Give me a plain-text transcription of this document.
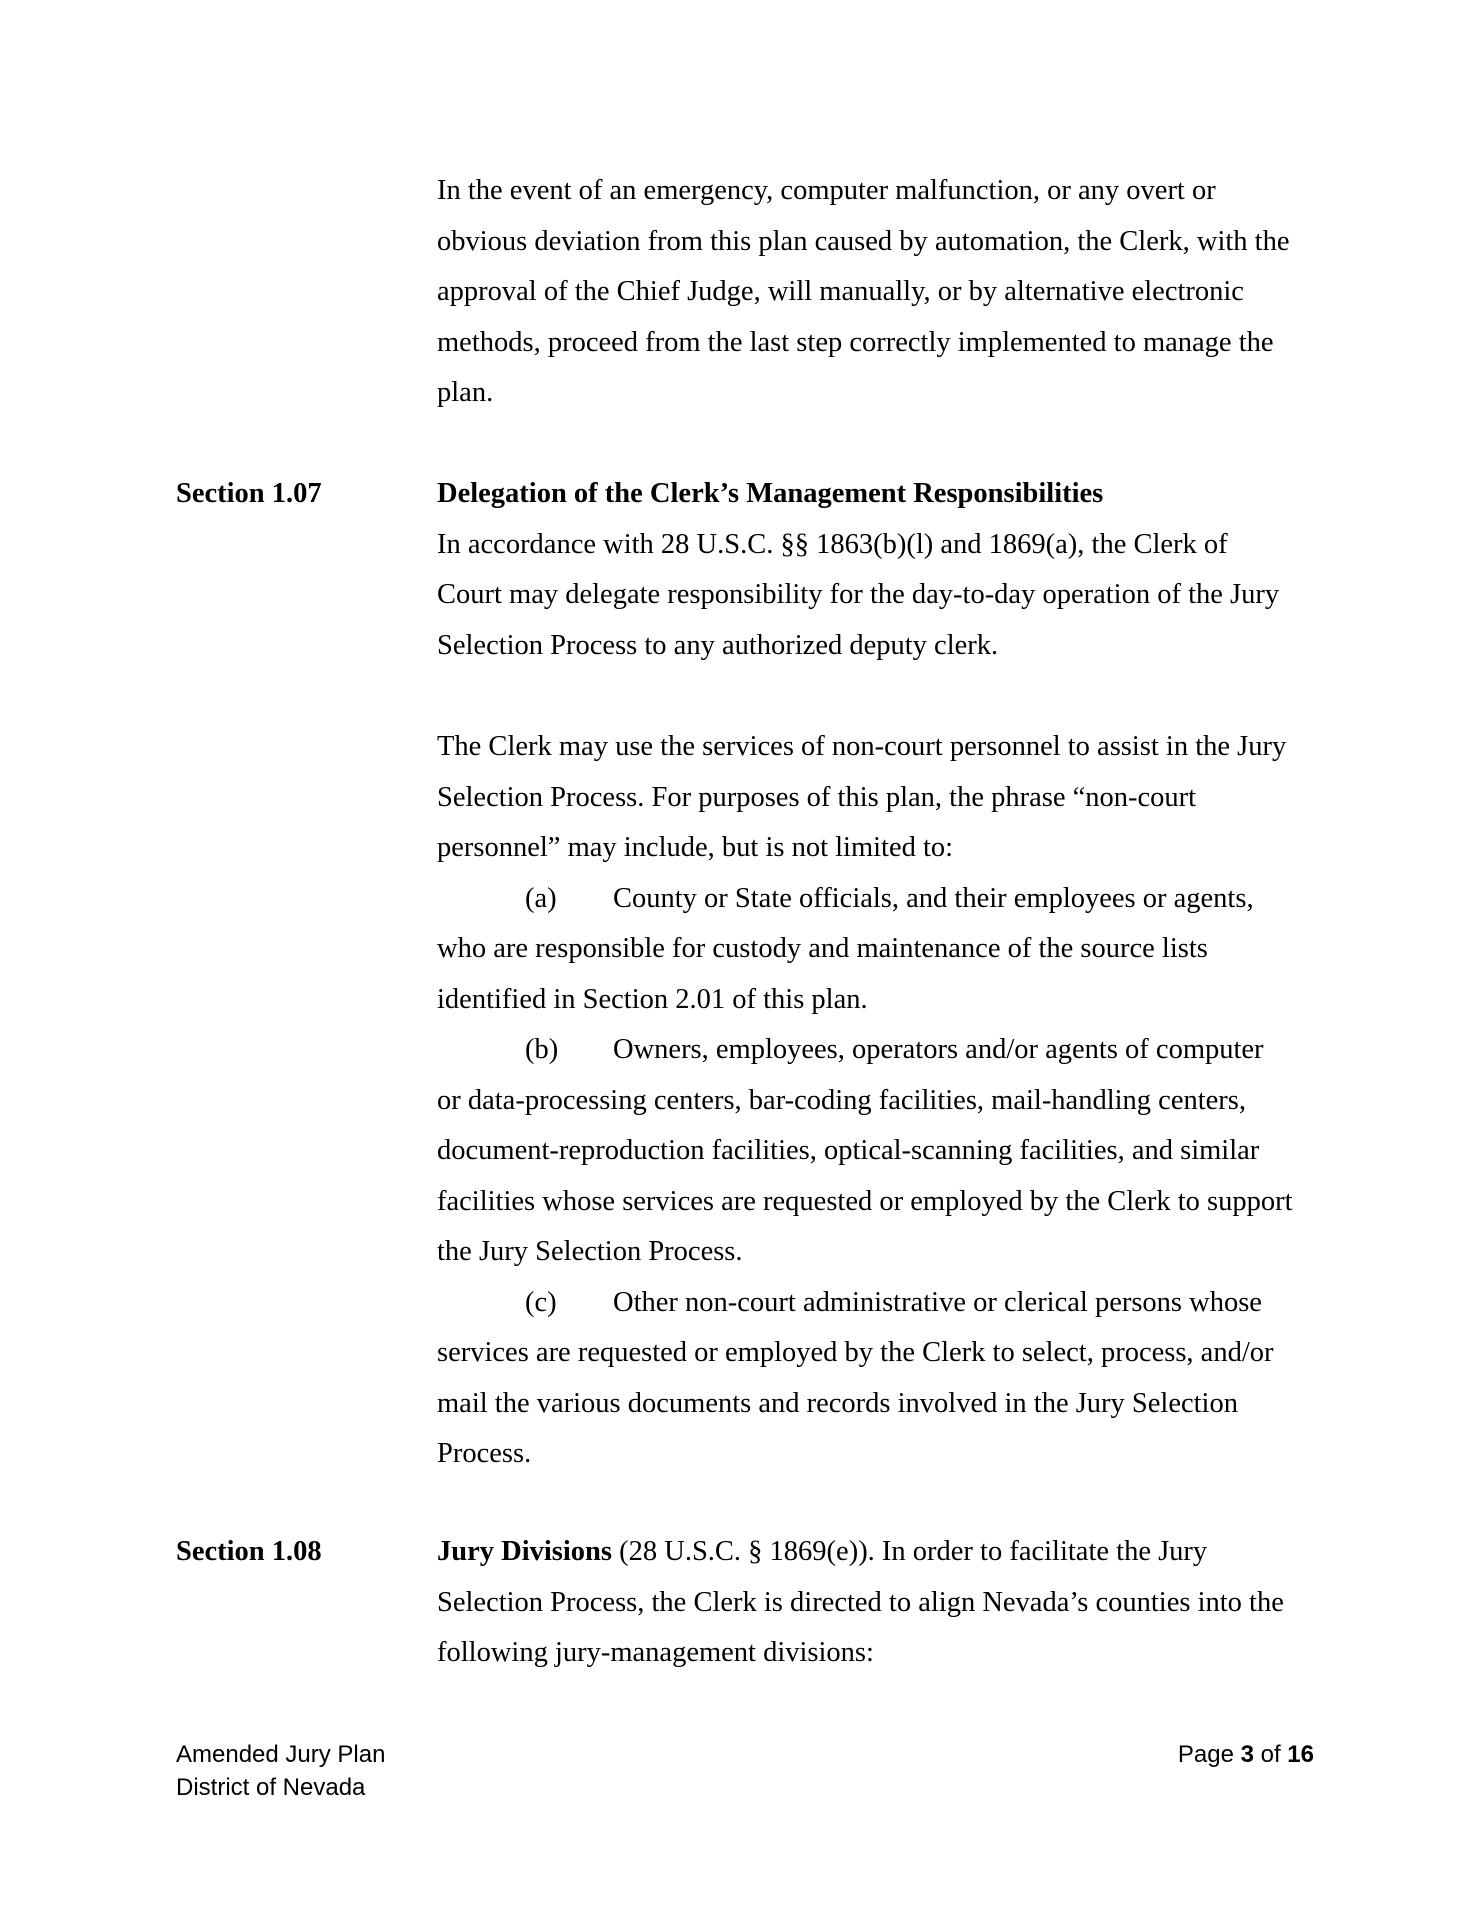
In the event of an emergency, computer malfunction, or any overt or obvious deviation from this plan caused by automation, the Clerk, with the approval of the Chief Judge, will manually, or by alternative electronic methods, proceed from the last step correctly implemented to manage the plan.

Section 1.07	Delegation of the Clerk’s Management Responsibilities
In accordance with 28 U.S.C. §§ 1863(b)(l) and 1869(a), the Clerk of Court may delegate responsibility for the day-to-day operation of the Jury Selection Process to any authorized deputy clerk.
The Clerk may use the services of non-court personnel to assist in the Jury Selection Process. For purposes of this plan, the phrase “non-court personnel” may include, but is not limited to:
(a) County or State officials, and their employees or agents,
who are responsible for custody and maintenance of the source lists identified in Section 2.01 of this plan.
(b) Owners, employees, operators and/or agents of computer
or data-processing centers, bar-coding facilities, mail-handling centers, document-reproduction facilities, optical-scanning facilities, and similar facilities whose services are requested or employed by the Clerk to support the Jury Selection Process.
(c) Other non-court administrative or clerical persons whose
services are requested or employed by the Clerk to select, process, and/or mail the various documents and records involved in the Jury Selection Process.
Section 1.08	Jury Divisions (28 U.S.C. § 1869(e)). In order to facilitate the Jury Selection Process, the Clerk is directed to align Nevada’s counties into the following jury-management divisions:

Amended Jury Plan
District of Nevada
Page 3 of 16
